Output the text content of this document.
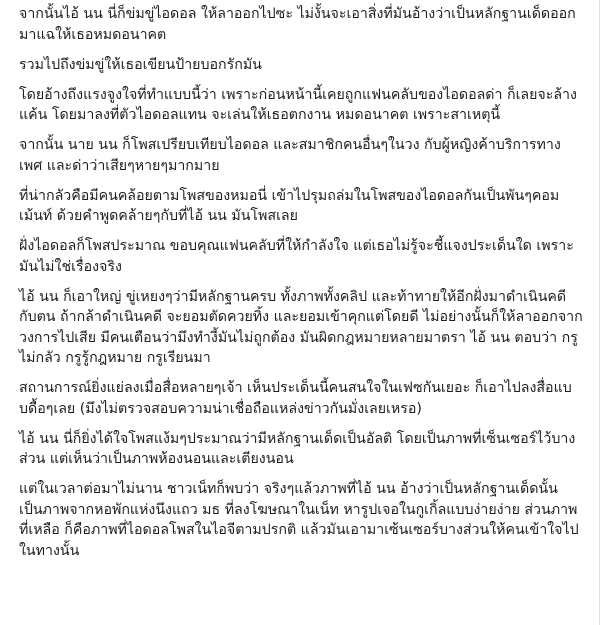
จากนั้นไอ้ นน นี่ก็ข่มขู่ไอดอล ให้ลาออกไปซะ ไม่งั้นจะเอาสิ่งที่มันอ้างว่าเป็นหลักฐานเด็ดออกมาแฉให้เธอหมดอนาคต

รวมไปถึงข่มขู่ให้เธอเขียนป้ายบอกรักมัน

โดยอ้างถึงแรงจูงใจที่ทำแบบนี้ว่า เพราะก่อนหน้านี้เคยถูกแฟนคลับของไอดอลด่า ก็เลยจะล้างแค้น โดยมาลงที่ตัวไอดอลแทน จะเล่นให้เธอตกงาน หมดอนาคต เพราะสาเหตุนี้

จากนั้น นาย นน ก็โพสเปรียบเทียบไอดอล และสมาชิกคนอื่นๆในวง กับผู้หญิงค้าบริการทางเพศ และด่าว่าเสียๆหายๆมากมาย

ที่น่ากลัวคือมีคนคล้อยตามโพสของหมอนี่ เข้าไปรุมถล่มในโพสของไอดอลกันเป็นพันๆคอมเม้นท์ ด้วยคำพูดคล้ายๆกับที่ไอ้ นน มันโพสเลย

ฝั่งไอดอลก็โพสประมาณ ขอบคุณแฟนคลับที่ให้กำลังใจ แต่เธอไม่รู้จะชี้แจงประเด็นใด เพราะมันไม่ใช่เรื่องจริง

ไอ้ นน ก็เอาใหญ่ ขู่เหยงๆว่ามีหลักฐานครบ ทั้งภาพทั้งคลิป และท้าทายให้อีกฝั่งมาดำเนินคดีกับตน ถ้ากล้าดำเนินคดี จะยอมตัดควยทิ้ง และยอมเข้าคุกแต่โดยดี ไม่อย่างนั้นก็ให้ลาออกจากวงการไปเสีย มีคนเตือนว่ามึงทำงี้มันไม่ถูกต้อง มันผิดกฎหมายหลายมาตรา ไอ้ นน ตอบว่า กรูไม่กลัว กรูรู้กฎหมาย กรูเรียนมา

สถานการณ์ยิ่งแย่ลงเมื่อสื่อหลายๆเจ้า เห็นประเด็นนี้คนสนใจในเฟซกันเยอะ ก็เอาไปลงสื่อแบบดื้อๆเลย (มึงไม่ตรวจสอบความน่าเชื่อถือแหล่งข่าวกันมั่งเลยเหรอ)

ไอ้ นน นี่ก็ยิ่งได้ใจโพสแง้มๆประมาณว่ามีหลักฐานเด็ดเป็นอัลติ โดยเป็นภาพที่เซ็นเซอร์ไว้บางส่วน แต่เห็นว่าเป็นภาพห้องนอนและเตียงนอน

แต่ในเวลาต่อมาไม่นาน ชาวเน็ทก็พบว่า จริงๆแล้วภาพที่ไอ้ นน อ้างว่าเป็นหลักฐานเด็ดนั้น เป็นภาพจากหอพักแห่งนึงแถว มธ ที่ลงโฆษณาในเน็ท หารูปเจอในกูเกิ้ลแบบง่ายง่าย ส่วนภาพที่เหลือ ก็คือภาพที่ไอดอลโพสในไอจีตามปรกติ แล้วมันเอามาเซ้นเซอร์บางส่วนให้คนเข้าใจไปในทางนั้น
